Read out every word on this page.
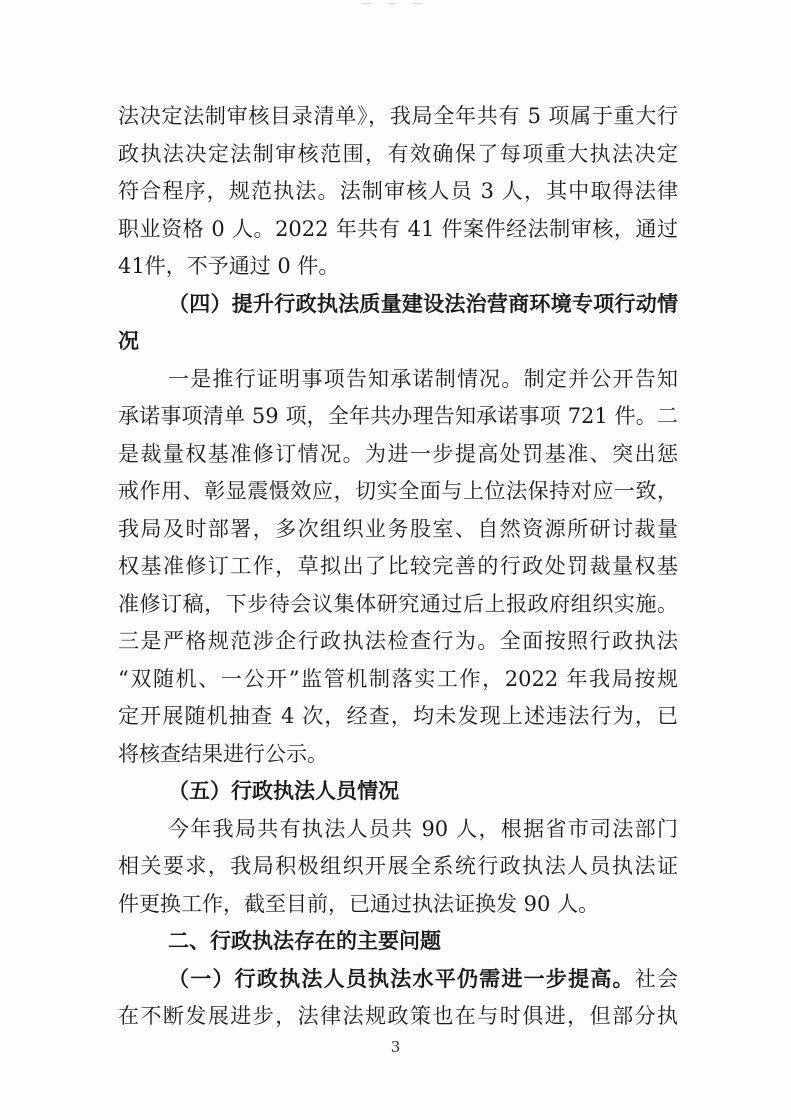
— — —
3
法决定法制审核目录清单》，我局全年共有 5 项属于重大行
政执法决定法制审核范围，有效确保了每项重大执法决定
符合程序，规范执法。法制审核人员 3 人，其中取得法律
职业资格 0 人。2022 年共有 41 件案件经法制审核，通过
41件，不予通过 0 件。
（四）提升行政执法质量建设法治营商环境专项行动情
况
一是推行证明事项告知承诺制情况。制定并公开告知
承诺事项清单 59 项，全年共办理告知承诺事项 721 件。二
是裁量权基准修订情况。为进一步提高处罚基准、突出惩
戒作用、彰显震慑效应，切实全面与上位法保持对应一致，
我局及时部署，多次组织业务股室、自然资源所研讨裁量
权基准修订工作，草拟出了比较完善的行政处罚裁量权基
准修订稿，下步待会议集体研究通过后上报政府组织实施。
三是严格规范涉企行政执法检查行为。全面按照行政执法
“双随机、一公开”监管机制落实工作，2022 年我局按规
定开展随机抽查 4 次，经查，均未发现上述违法行为，已
将核查结果进行公示。
（五）行政执法人员情况
今年我局共有执法人员共 90 人，根据省市司法部门
相关要求，我局积极组织开展全系统行政执法人员执法证
件更换工作，截至目前，已通过执法证换发 90 人。
二、行政执法存在的主要问题
（一）行政执法人员执法水平仍需进一步提高。社会
在不断发展进步，法律法规政策也在与时俱进，但部分执
